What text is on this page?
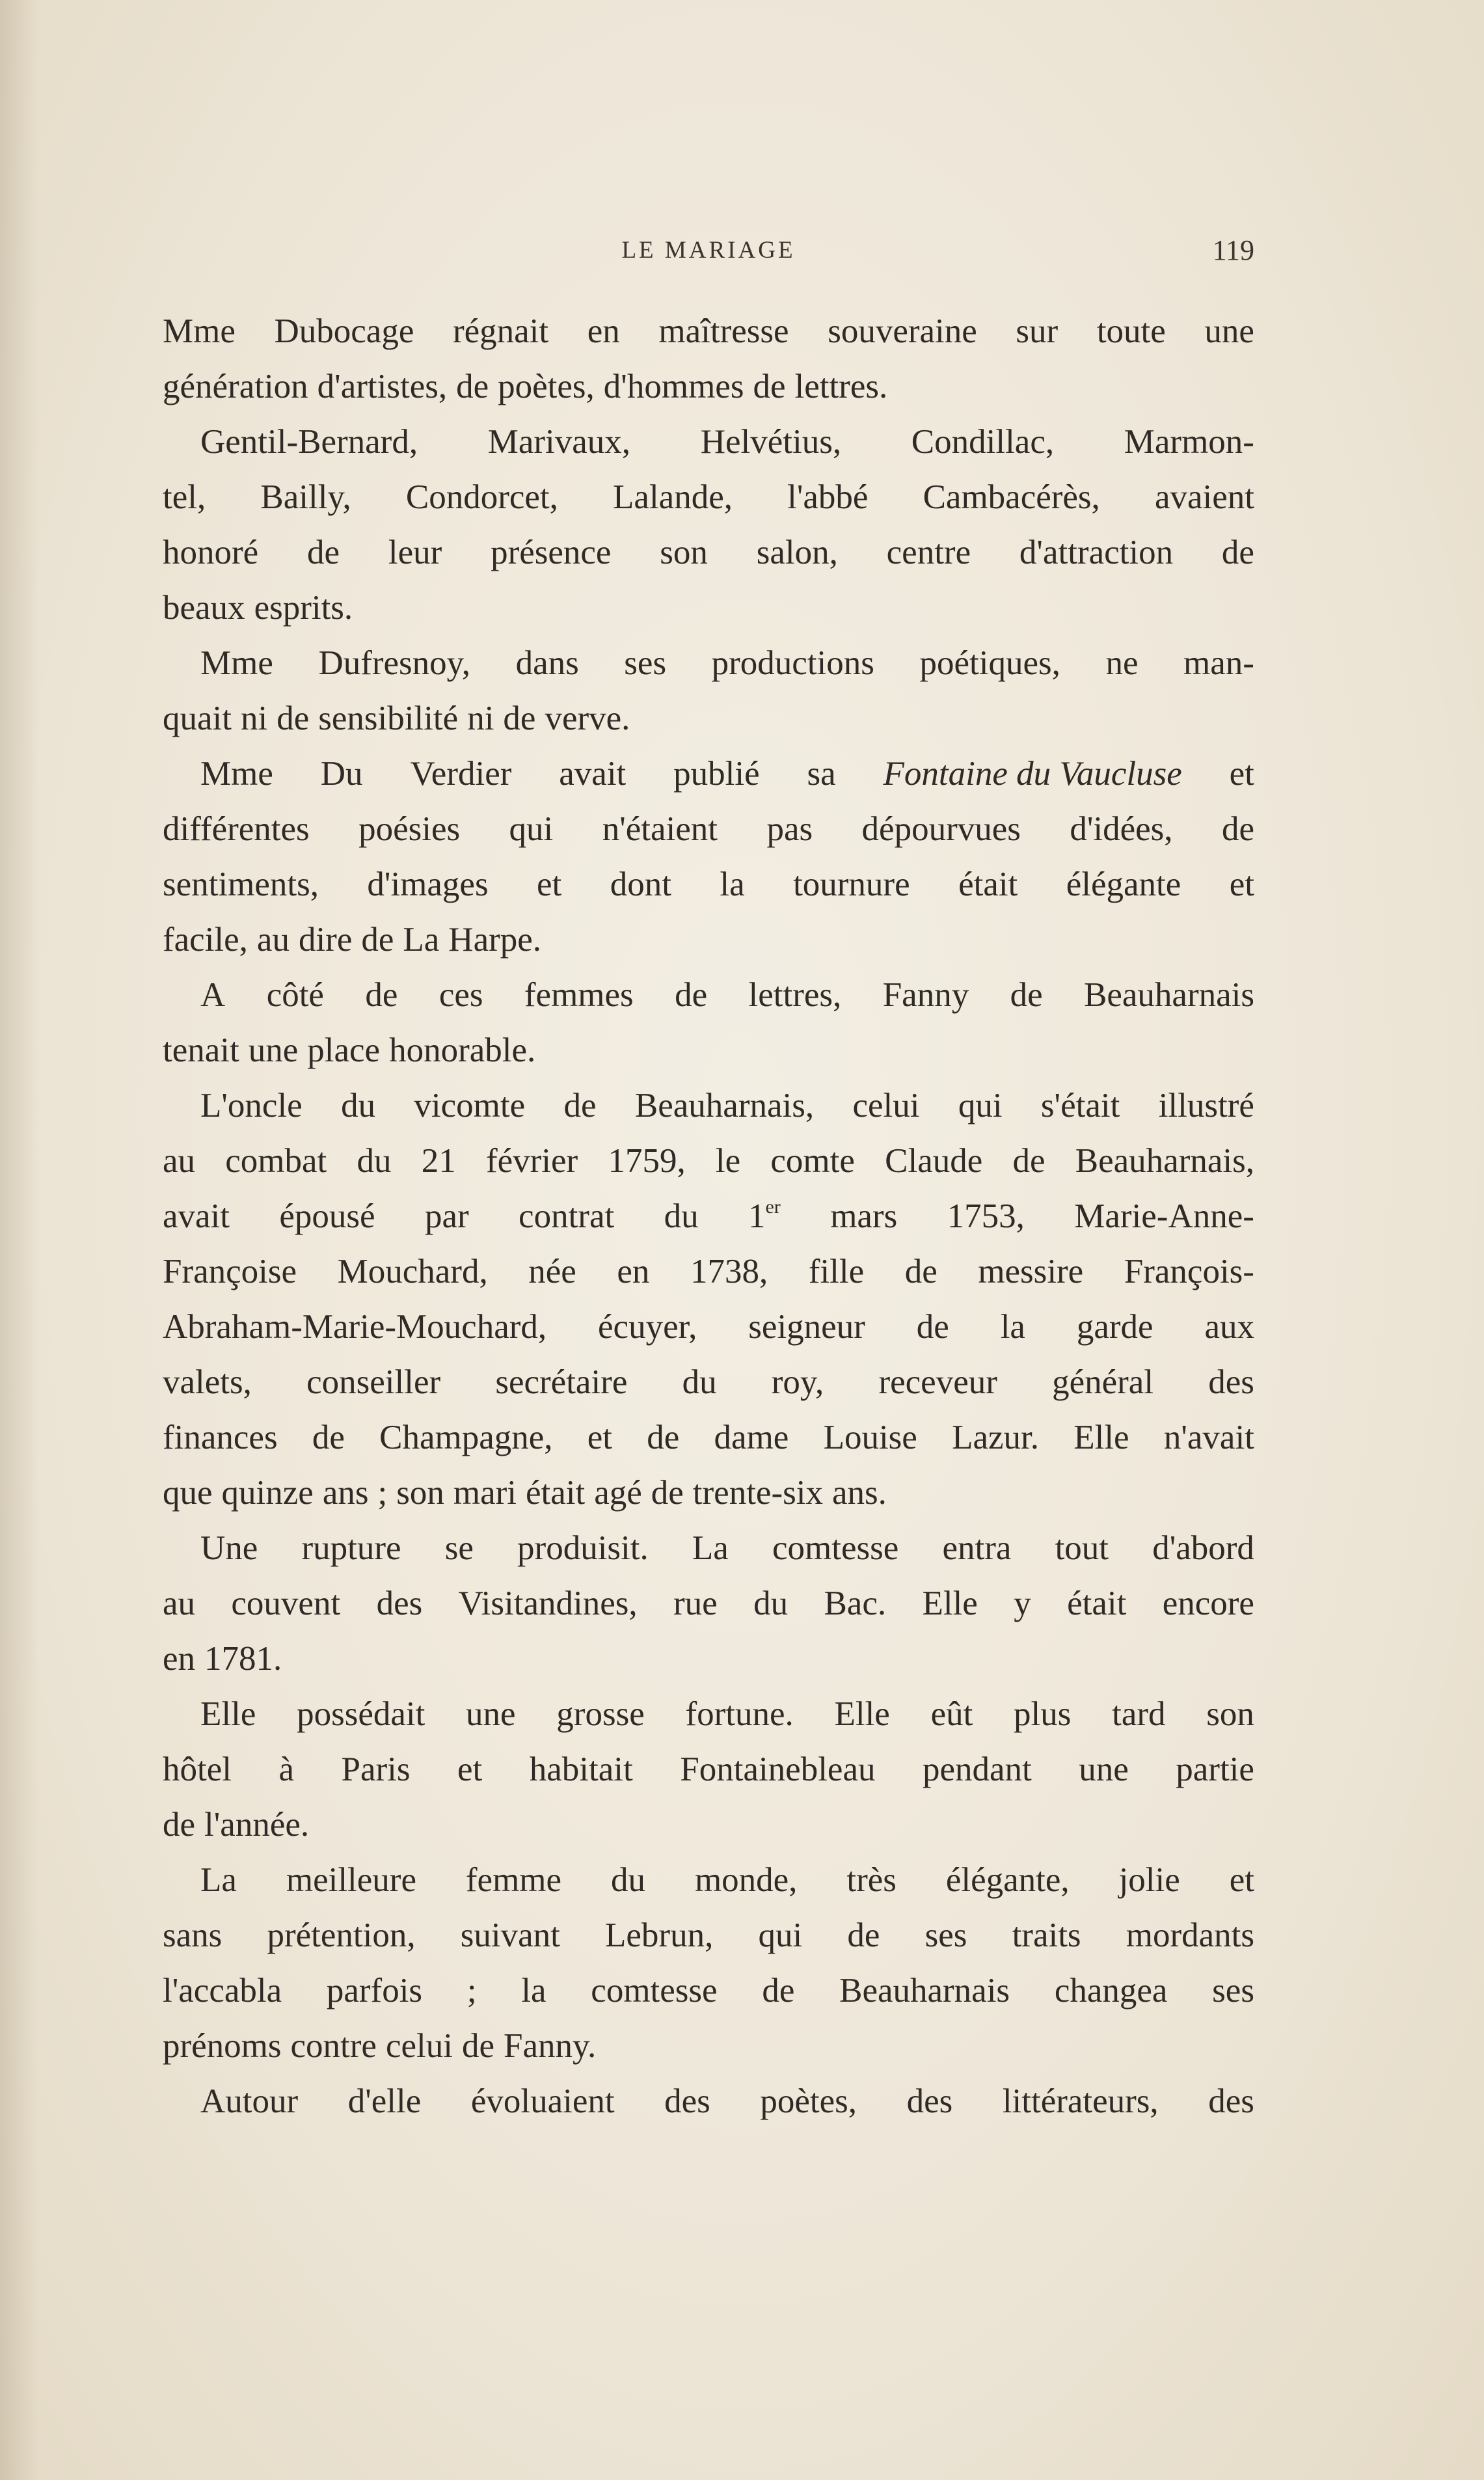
LE MARIAGE	119
Mme Dubocage régnait en maîtresse souveraine sur toute une
génération d'artistes, de poètes, d'hommes de lettres.
Gentil-Bernard, Marivaux, Helvétius, Condillac, Marmon-
tel, Bailly, Condorcet, Lalande, l'abbé Cambacérès, avaient
honoré de leur présence son salon, centre d'attraction de
beaux esprits.
Mme Dufresnoy, dans ses productions poétiques, ne man-
quait ni de sensibilité ni de verve.
Mme Du Verdier avait publié sa Fontaine du Vaucluse et
différentes poésies qui n'étaient pas dépourvues d'idées, de
sentiments, d'images et dont la tournure était élégante et
facile, au dire de La Harpe.
A côté de ces femmes de lettres, Fanny de Beauharnais
tenait une place honorable.
L'oncle du vicomte de Beauharnais, celui qui s'était illustré
au combat du 21 février 1759, le comte Claude de Beauharnais,
avait épousé par contrat du 1er mars 1753, Marie-Anne-
Françoise Mouchard, née en 1738, fille de messire François-
Abraham-Marie-Mouchard, écuyer, seigneur de la garde aux
valets, conseiller secrétaire du roy, receveur général des
finances de Champagne, et de dame Louise Lazur. Elle n'avait
que quinze ans ; son mari était agé de trente-six ans.
Une rupture se produisit. La comtesse entra tout d'abord
au couvent des Visitandines, rue du Bac. Elle y était encore
en 1781.
Elle possédait une grosse fortune. Elle eût plus tard son
hôtel à Paris et habitait Fontainebleau pendant une partie
de l'année.
La meilleure femme du monde, très élégante, jolie et
sans prétention, suivant Lebrun, qui de ses traits mordants
l'accabla parfois ; la comtesse de Beauharnais changea ses
prénoms contre celui de Fanny.
Autour d'elle évoluaient des poètes, des littérateurs, des
